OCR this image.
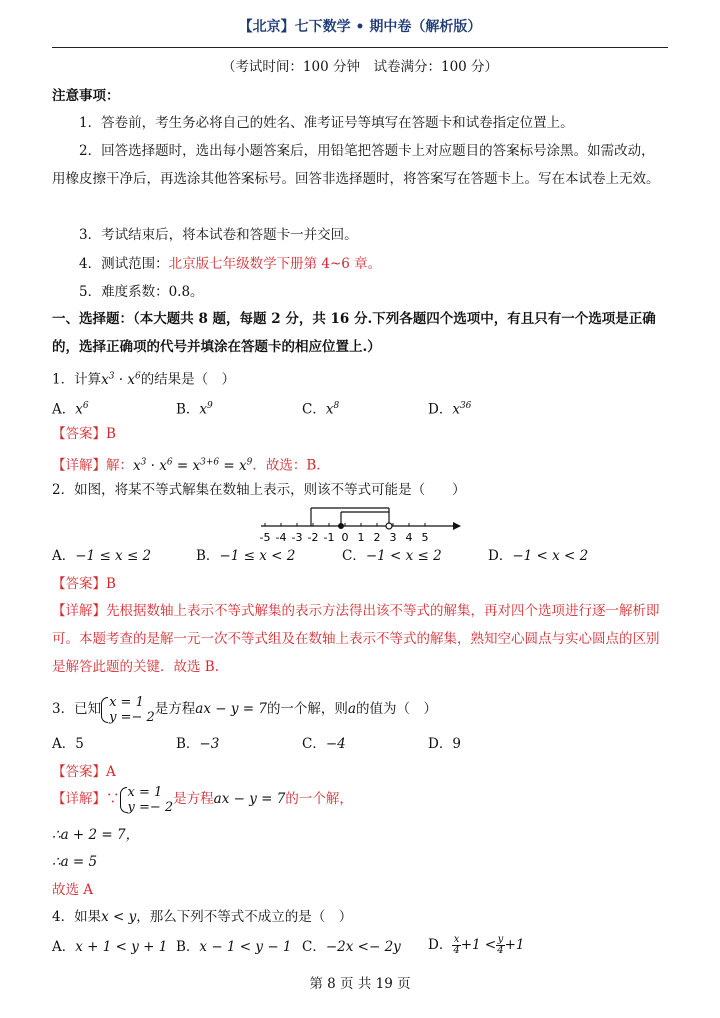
【北京】七下数学 • 期中卷（解析版）
（考试时间：100 分钟　试卷满分：100 分）
注意事项：
1．答卷前，考生务必将自己的姓名、准考证号等填写在答题卡和试卷指定位置上。
2．回答选择题时，选出每小题答案后，用铅笔把答题卡上对应题目的答案标号涂黑。如需改动，用橡皮擦干净后，再选涂其他答案标号。回答非选择题时，将答案写在答题卡上。写在本试卷上无效。
3．考试结束后，将本试卷和答题卡一并交回。
4．测试范围：北京版七年级数学下册第 4~6 章。
5．难度系数：0.8。
一、选择题：（本大题共 8 题，每题 2 分，共 16 分.下列各题四个选项中，有且只有一个选项是正确的，选择正确项的代号并填涂在答题卡的相应位置上.）
1．计算$x^3 \cdot x^6$的结果是（　）
A．$x^6$	B．$x^9$	C．$x^8$	D．$x^{36}$
【答案】B
【详解】解：$x^3 \cdot x^6 = x^{3+6} = x^9$．故选：B．
2．如图，将某不等式解集在数轴上表示，则该不等式可能是（　　）
-5 -4 -3 -2 -1 0 1 2 3 4 5
A．−1 ≤ x ≤ 2	B．−1 ≤ x < 2	C．−1 < x ≤ 2	D．−1 < x < 2
【答案】B
【详解】先根据数轴上表示不等式解集的表示方法得出该不等式的解集，再对四个选项进行逐一解析即可。本题考查的是解一元一次不等式组及在数轴上表示不等式的解集，熟知空心圆点与实心圆点的区别是解答此题的关键．故选 B.
3．已知 x = 1
y =− 2 是方程ax − y = 7的一个解，则a的值为（　）
A．5	B．−3	C．−4	D．9
【答案】A
【详解】∵ x = 1
y =− 2 是方程ax − y = 7的一个解，
∴a + 2 = 7，
∴a = 5
故选 A
4．如果x < y，那么下列不等式不成立的是（　）
A．x + 1 < y + 1 B．x − 1 < y − 1 C．−2x <− 2y D． $\frac{x}{4} +1 < \frac{y}{4} +1$
第 8 页 共 19 页
